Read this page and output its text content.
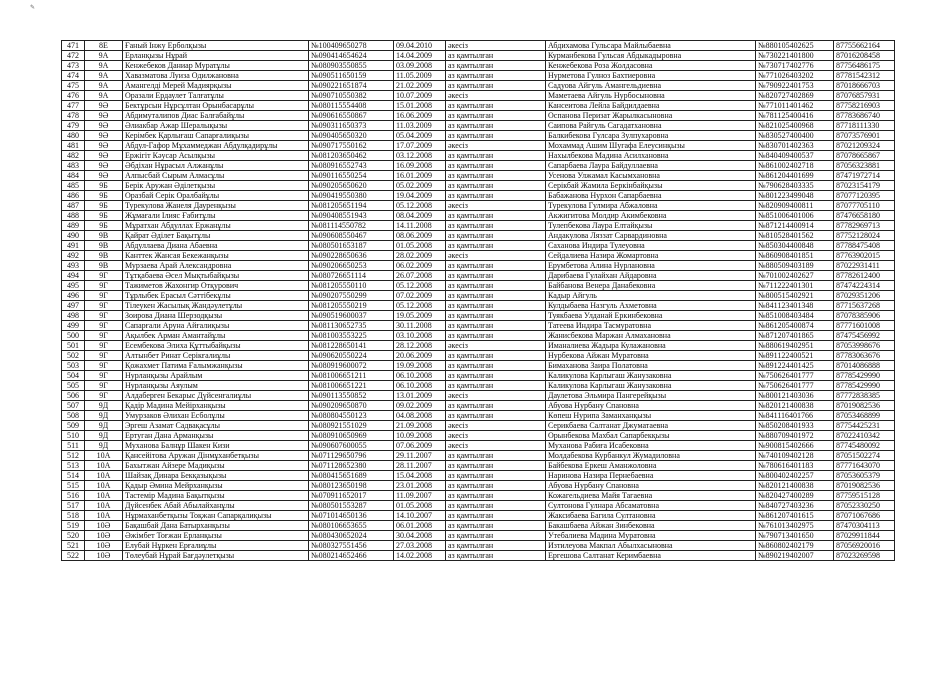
✎
471	8Е	Ғаный Інжу Ерболқызы	№100409650278	09.04.2010	әкесіз	Абдихамова Гульсара Майлыбаевна	№880105402625	87755662164
472	9А	Ерланқызы Нұрай	№090414654624	14.04.2009	аз қамтылған	Курманбекова Гульсая Абдыкадыровна	№730221401800	87016208458
473	9А	Кенжебеков Даниар Муратұлы	№080903550855	03.09.2008	аз қамтылған	Кенжебекова Роза Жолдасовна	№730717402776	87756486175
474	9А	Хавазматова Луиза Одилжановна	№090511650159	11.05.2009	аз қамтылған	Нурметова Гулноз Бахтиеровна	№771026403202	87781542312
475	9А	Амангелді Мерей Мадиярқызы	№090221651874	21.02.2009	аз қамтылған	Садуова Айгуль Амангельдиевна	№790922401753	87018666703
476	9А	Оразали Ердаулет Талғатұлы	№090710550382	10.07.2009	әкесіз	Маметаева Айгуль Нурбосыновна	№820727402869	87076857931
477	9Ә	Бектұрсын Нұрсұлтан Орынбасарұлы	№080115554408	15.01.2008	аз қамтылған	Кансеитова Лейла Байдилдаевна	№771011401462	87758216903
478	9Ә	Абдимуталипов Диас Балғабайұлы	№090616550867	16.06.2009	аз қамтылған	Оспанова Перизат Жарылкасыновна	№781125400416	87783686740
479	9Ә	Әлиакбар Ажар Шералықызы	№090311650373	11.03.2009	аз қамтылған	Саипова Райгуль Сагадатхановна	№821025400968	87718111330
480	9Ә	Керімбек Қарлығаш Сапарғалиқызы	№090405650320	05.04.2009	аз қамтылған	Балкибекова Гулсара Зулпухаровна	№830527400400	87073576901
481	9Ә	Абдул-Гафор Мұхаммеджан Абдулқадирұлы	№090717550162	17.07.2009	әкесіз	Мохаммад Ашим Шугафа Елеусинқызы	№830701402363	87021209324
482	9Ә	Ержігіт Кәусар Асылқызы	№081203650462	03.12.2008	аз қамтылған	Нахылбекова Мадина Асилхановна	№840409400537	87078665867
483	9Ә	Әбдіхан Нұрасыл Алжанұлы	№080916552743	16.09.2008	аз қамтылған	Сапарбаева Лаура Байдуллаевна	№861002402718	87056323881
484	9Ә	Алпысбай Сырым Алмасұлы	№090116550254	16.01.2009	аз қамтылған	Усенова Улжамал Касымхановна	№861204401699	87471972714
485	9Б	Берік Аружан Әділетқызы	№090205650620	05.02.2009	аз қамтылған	Серікбай Жамила Беркінбайқызы	№790628403335	87023154179
486	9Б	Оразбай Серік Оралбайұлы	№090419550380	19.04.2009	аз қамтылған	Бабажанова Нурхон Сапарбаевна	№801223499048	87077120395
487	9Б	Турекулова Жанеля Дауренқызы	№081205651194	05.12.2008	әкесіз	Турекулова Гулмира Абжаловна	№820909400811	87077705110
488	9Б	Жұмағали Ілияс Ғабитұлы	№090408551943	08.04.2009	аз қамтылған	Акжигитова Молдир Акимбековна	№851006401006	87476658180
489	9Б	Мұратхан Абдуллах Ержанұлы	№081114550782	14.11.2008	аз қамтылған	Тулепбекова Лаура Елтайқызы	№871214400914	87782969713
490	9В	Қайрат Әділет Бақытұлы	№090608550467	08.06.2009	аз қамтылған	Андакулова Ляззат Сарвардиновна	№810528401562	87752128024
491	9В	Абдуллаева Диана Абаевна	№080501653187	01.05.2008	аз қамтылған	Саханова Индира Тулеуовна	№850304400848	87788475408
492	9В	Канттек Жансая Бекежанқызы	№090228650636	28.02.2009	әкесіз	Сейдалиева Назира Жомартовна	№860908401851	87763902015
493	9В	Мурзаева Арай Александровна	№090206650253	06.02.2009	аз қамтылған	Ерумбетова Алина Нурлановна	№880509403189	87022931411
494	9Г	Тұтқабаева Әсел Мықтыбайқызы	№080726651114	26.07.2008	аз қамтылған	Дарибаева Гулайхан Айдаровна	№701002402627	87782612400
495	9Г	Тажиметов Жахонгир Отқурович	№081205550110	05.12.2008	аз қамтылған	Байбанова Венера Данабековна	№711222401301	87474224314
496	9Г	Тұрлыбек Ерасыл Сәттібекұлы	№090207550299	07.02.2009	аз қамтылған	Кадыр Айгуль	№800515402921	87029351206
497	9Г	Тілеукен Жасылық Жандәулетұлы	№081205550219	05.12.2008	аз қамтылған	Кулдыбаева Назгуль Ахметовна	№841123401348	87715637268
498	9Г	Зоирова Диана Шерзодқызы	№090519600037	19.05.2009	аз қамтылған	Туякбаева Улданай Еркинбековна	№851008403484	87078385906
499	9Г	Сапарғали Аруна Айғалиқызы	№081130652735	30.11.2008	аз қамтылған	Татеева Индира Тасмуратовна	№861205400874	87771601008
500	9Г	Ақылбек Арман Амантайұлы	№081003553225	03.10.2008	аз қамтылған	Жанисбекова Маржан Алмахановна	№871207401865	87475456992
501	9Г	Есембекова Элиха Құттыбайқызы	№081228650141	28.12.2008	әкесіз	Иманалиева Жадыра Кулажановна	№880619402951	87053998676
502	9Г	Алтынбет Ринат Серікғалиұлы	№090620550224	20.06.2009	аз қамтылған	Нурбекова Айжан Муратовна	№891122400521	87783063676
503	9Г	Қожахмет Патима Ғалымжанқызы	№080919600072	19.09.2008	аз қамтылған	Бимаханова Заира Полатовна	№891224401425	87014086888
504	9Г	Нурланқызы Арайлым	№081006651211	06.10.2008	аз қамтылған	Каликулова Карлыгаш Жанузаковна	№750626401777	87785429990
505	9Г	Нурланқызы Аяулым	№081006651221	06.10.2008	аз қамтылған	Каликулова Карлыгаш Жанузаковна	№750626401777	87785429990
506	9Г	Алдаберген Бекарыс Дүйсенғалиұлы	№090113550852	13.01.2009	әкесіз	Даулетова Эльмира Пангерейқызы	№800121403036	87772838385
507	9Д	Қадір Мадина Мейірханқызы	№090209650870	09.02.2009	аз қамтылған	Абуова Нурбану Спановна	№820121400838	87019082536
508	9Д	Умурзаков Әлихан Есболұлы	№080804550123	04.08.2008	аз қамтылған	Көпеш Нурипа Заманханқызы	№841116401766	87053468899
509	9Д	Эргеш Азамат Садвақасұлы	№080921551029	21.09.2008	әкесіз	Серикбаева Салтанат Джуматаевна	№850208401933	87754425231
510	9Д	Ертуган Дана Арманқызы	№080910650969	10.09.2008	әкесіз	Орынбекова Махбал Сапарбекқызы	№880709401972	87022410342
511	9Д	Муханова Балнұр Шакен Кизи	№090607600055	07.06.2009	әкесіз	Муханова Рабиға Исабековна	№900815402666	87745480092
512	10А	Қансейітова Аружан Дінмұханбетқызы	№071129650796	29.11.2007	аз қамтылған	Молдабекова Курбанкул Жумадиловна	№740109402128	87051502274
513	10А	Бахытжан Айзере Мадиқызы	№071128652380	28.11.2007	аз қамтылған	Байбекова Еркеш Аманжоловна	№780616401183	87771643070
514	10А	Шайзақ Динара Бекқазықызы	№080415651689	15.04.2008	аз қамтылған	Наринова Назира Пернебаевна	№800402402257	87053605379
515	10А	Қадыр Әмина Мейрханқызы	№080123650198	23.01.2008	аз қамтылған	Абуова Нурбану Спановна	№820121400838	87019082536
516	10А	Тастемір Мадина Бақытқызы	№070911652017	11.09.2007	аз қамтылған	Кожагельдиева Майя Тагаевна	№820427400289	87759515128
517	10А	Дүйсенбек Абай Абылайханұлы	№080501553287	01.05.2008	аз қамтылған	Султонова Гулнара Абсаматовна	№840727403236	87052330250
518	10А	Нұрмаханбетқызы Тоқжан Сапарқалиқызы	№071014650136	14.10.2007	аз қамтылған	Жаксибаева Багила Султановна	№861207401615	87071067686
519	10Ә	Бақашбай Дана Батырханқызы	№080106653655	06.01.2008	аз қамтылған	Бакашбаева Айжан Зинбековна	№761013402975	87470304113
520	10Ә	Әжімбет Тоғжан Ерланқызы	№080430652024	30.04.2008	аз қамтылған	Утебалиева Мадина Муратовна	№790713401650	87029911844
521	10Ә	Елубай Нұркен Ерғалиұлы	№080327551456	27.03.2008	аз қамтылған	Изтилеуова Макпал Абылхасыновна	№860802402179	87056920016
522	10Ә	Төлеубай Нұрай Бағдәулетқызы	№080214652466	14.02.2008	аз қамтылған	Ергешова Салтанат Керимбаевна	№890219402007	87023269598
